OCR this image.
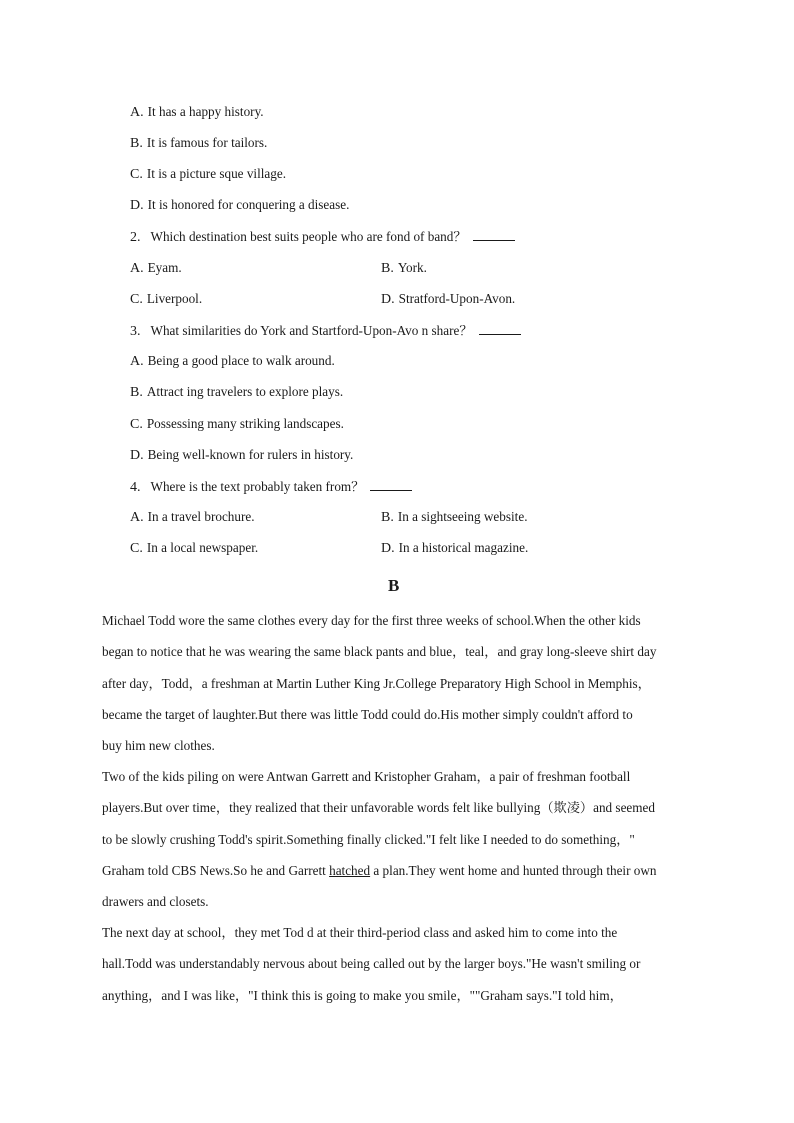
A. It has a happy history.
B. It is famous for tailors.
C. It is a picture sque village.
D. It is honored for conquering a disease.
2. Which destination best suits people who are fond of band？
A. Eyam.	B. York.
C. Liverpool.	D. Stratford-Upon-Avon.
3. What similarities do York and Startford-Upon-Avo n share？
A. Being a good place to walk around.
B. Attract ing travelers to explore plays.
C. Possessing many striking landscapes.
D. Being well-known for rulers in history.
4. Where is the text probably taken from？
A. In a travel brochure.	B. In a sightseeing website.
C. In a local newspaper.	D. In a historical magazine.
B
Michael Todd wore the same clothes every day for the first three weeks of school.When the other kids
began to notice that he was wearing the same black pants and blue，teal，and gray long-sleeve shirt day
after day，Todd，a freshman at Martin Luther King Jr.College Preparatory High School in Memphis，
became the target of laughter.But there was little Todd could do.His mother simply couldn't afford to
buy him new clothes.
Two of the kids piling on were Antwan Garrett and Kristopher Graham，a pair of freshman football
players.But over time，they realized that their unfavorable words felt like bullying（欺凌）and seemed
to be slowly crushing Todd's spirit.Something finally clicked."I felt like I needed to do something，"
Graham told CBS News.So he and Garrett hatched a plan.They went home and hunted through their own
drawers and closets.
The next day at school，they met Tod d at their third-period class and asked him to come into the
hall.Todd was understandably nervous about being called out by the larger boys."He wasn't smiling or
anything，and I was like，"I think this is going to make you smile，""Graham says."I told him，
